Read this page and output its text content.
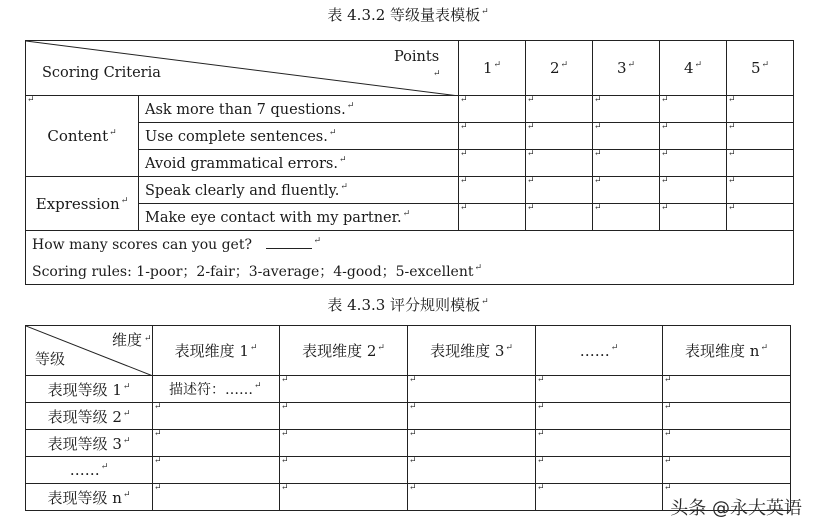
表 4.3.2 等级量表模板↵
Points
↵
Scoring Criteria		1↵	2↵	3↵	4↵	5↵

↵
Content↵	Ask more than 7 questions.↵	↵	↵	↵	↵	↵

	Use complete sentences.↵	↵	↵	↵	↵	↵

	Avoid grammatical errors.↵	↵	↵	↵	↵	↵

Expression↵	Speak clearly and fluently.↵	↵	↵	↵	↵	↵

	Make eye contact with my partner.↵	↵	↵	↵	↵	↵

How many scores can you get? ↵
Scoring rules: 1-poor；2-fair；3-average；4-good；5-excellent↵
表 4.3.3 评分规则模板↵
维度 ↵
等级	表现维度 1↵	表现维度 2↵	表现维度 3↵	……↵	表现维度 n↵
表现等级 1↵	描述符：……↵	↵	↵	↵	↵

表现等级 2↵	↵	↵	↵	↵	↵

表现等级 3↵	↵	↵	↵	↵	↵

……↵	↵	↵	↵	↵	↵

表现等级 n↵	↵	↵	↵	↵	↵
头条 @永大英语
